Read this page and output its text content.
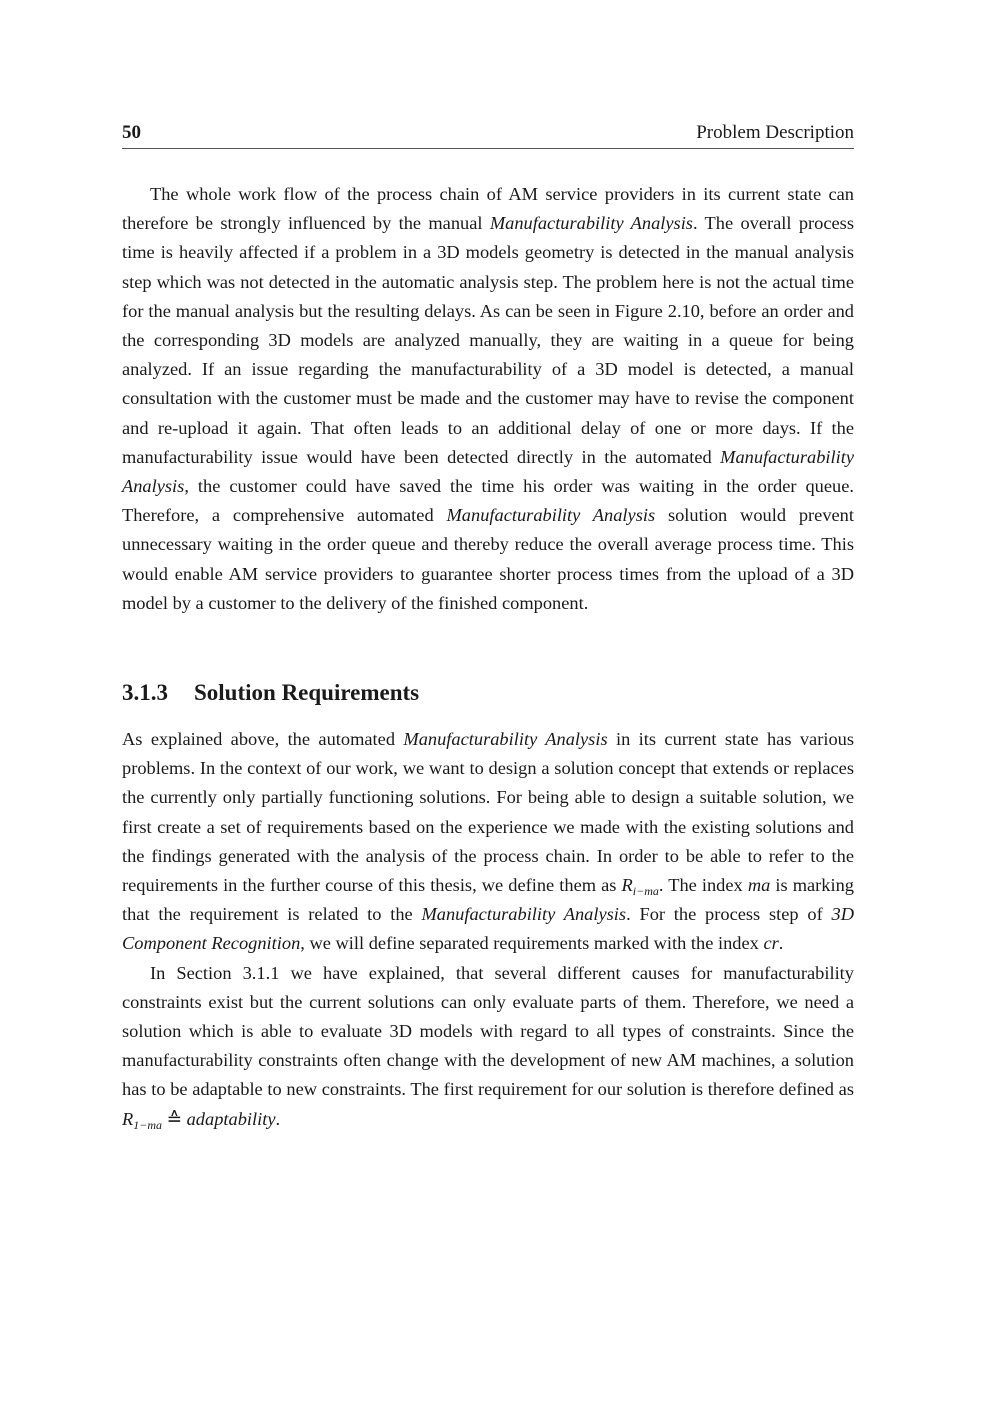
50	Problem Description

The whole work flow of the process chain of AM service providers in its current state can therefore be strongly influenced by the manual Manufacturability Analysis. The overall process time is heavily affected if a problem in a 3D models geometry is detected in the manual analysis step which was not detected in the automatic analysis step. The problem here is not the actual time for the manual analysis but the resulting delays. As can be seen in Figure 2.10, before an order and the corresponding 3D models are analyzed manually, they are waiting in a queue for being analyzed. If an issue regarding the manufacturability of a 3D model is detected, a manual consultation with the customer must be made and the customer may have to revise the component and re-upload it again. That often leads to an additional delay of one or more days. If the manufacturability issue would have been detected directly in the automated Manufacturability Analysis, the customer could have saved the time his order was waiting in the order queue. Therefore, a comprehensive automated Manufacturability Analysis solution would prevent unnecessary waiting in the order queue and thereby reduce the overall average process time. This would enable AM service providers to guarantee shorter process times from the upload of a 3D model by a customer to the delivery of the finished component.

3.1.3 Solution Requirements

As explained above, the automated Manufacturability Analysis in its current state has various problems. In the context of our work, we want to design a solution concept that extends or replaces the currently only partially functioning solutions. For being able to design a suitable solution, we first create a set of requirements based on the experience we made with the existing solutions and the findings generated with the analysis of the process chain. In order to be able to refer to the requirements in the further course of this thesis, we define them as $R_{i-ma}$. The index ma is marking that the requirement is related to the Manufacturability Analysis. For the process step of 3D Component Recognition, we will define separated requirements marked with the index cr.

In Section 3.1.1 we have explained, that several different causes for manufacturability constraints exist but the current solutions can only evaluate parts of them. Therefore, we need a solution which is able to evaluate 3D models with regard to all types of constraints. Since the manufacturability constraints often change with the development of new AM machines, a solution has to be adaptable to new constraints. The first requirement for our solution is therefore defined as $R_{1-ma}$ ≙ adaptability.
